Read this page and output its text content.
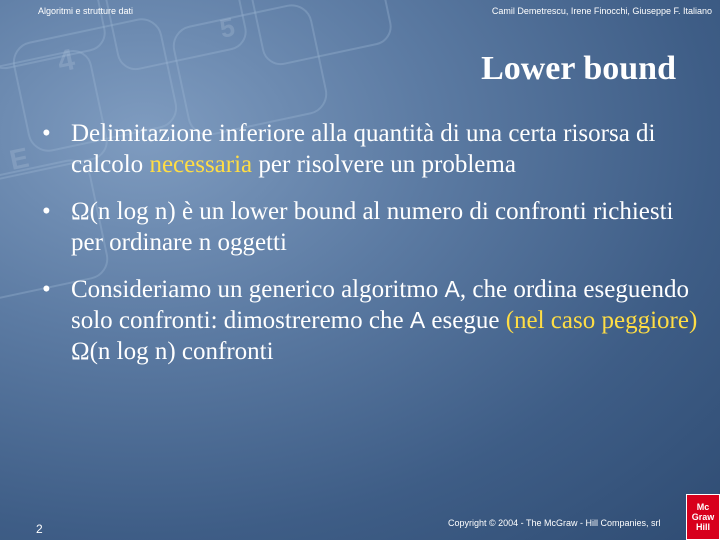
4
5
E
Algoritmi e strutture dati	Camil Demetrescu, Irene Finocchi, Giuseppe F. Italiano
Lower bound
• Delimitazione inferiore alla quantità di una certa risorsa di calcolo necessaria per risolvere un problema
• Ω(n log n) è un lower bound al numero di confronti richiesti per ordinare n oggetti
• Consideriamo un generico algoritmo A, che ordina eseguendo solo confronti: dimostreremo che A esegue (nel caso peggiore) Ω(n log n) confronti
2	Copyright © 2004 - The McGraw - Hill Companies, srl
Mc
Graw
Hill
